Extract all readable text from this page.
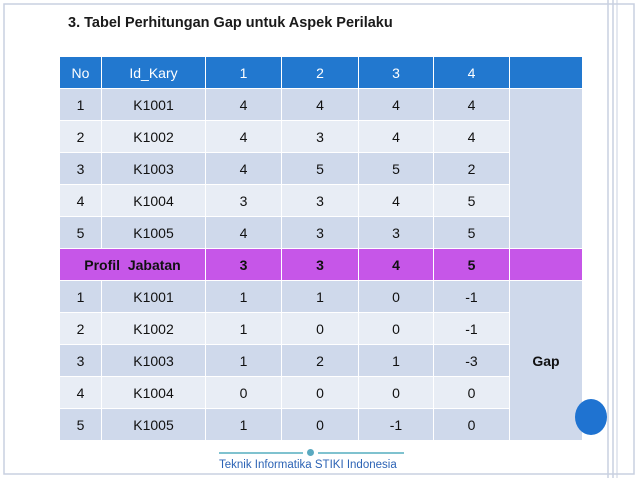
3. Tabel Perhitungan Gap untuk Aspek Perilaku
No	Id_Kary	1	2	3	4	
1	K1001	4	4	4	4	
2	K1002	4	3	4	4	
3	K1003	4	5	5	2	
4	K1004	3	3	4	5	
5	K1005	4	3	3	5	
Profil  Jabatan		3	3	4	5	
1	K1001	1	1	0	-1	Gap
2	K1002	1	0	0	-1	
3	K1003	1	2	1	-3	
4	K1004	0	0	0	0	
5	K1005	1	0	-1	0	
Teknik Informatika STIKI Indonesia
